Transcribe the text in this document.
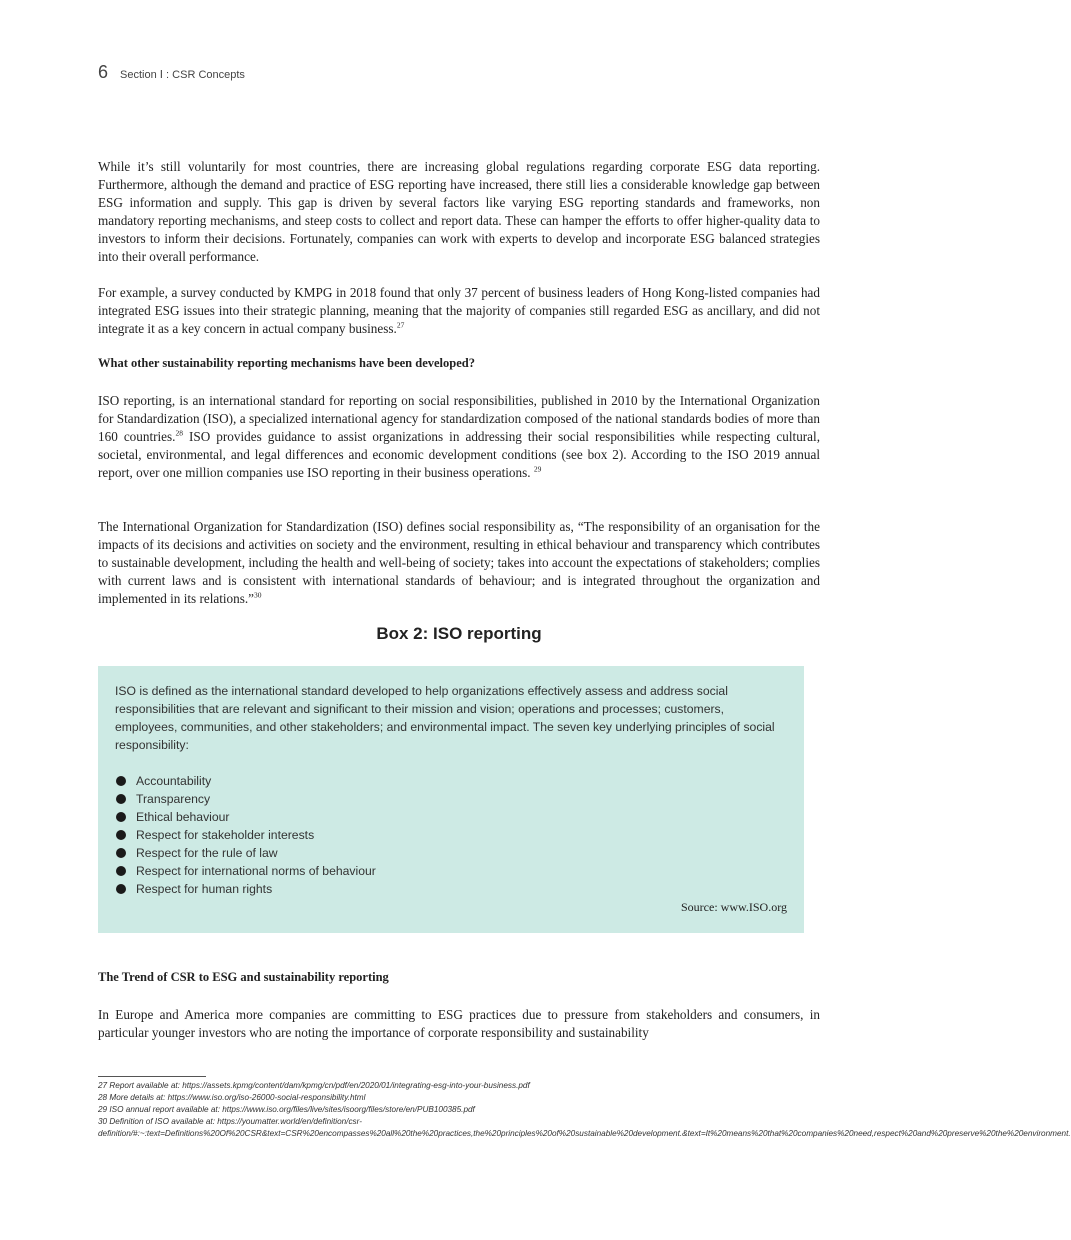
6 Section Ⅰ : CSR Concepts

While it’s still voluntarily for most countries, there are increasing global regulations regarding corporate ESG data reporting. Furthermore, although the demand and practice of ESG reporting have increased, there still lies a considerable knowledge gap between ESG information and supply. This gap is driven by several factors like varying ESG reporting standards and frameworks, non mandatory reporting mechanisms, and steep costs to collect and report data. These can hamper the efforts to offer higher-quality data to investors to inform their decisions. Fortunately, companies can work with experts to develop and incorporate ESG balanced strategies into their overall performance.

For example, a survey conducted by KMPG in 2018 found that only 37 percent of business leaders of Hong Kong-listed companies had integrated ESG issues into their strategic planning, meaning that the majority of companies still regarded ESG as ancillary, and did not integrate it as a key concern in actual company business.$^{27}$

What other sustainability reporting mechanisms have been developed?

ISO reporting, is an international standard for reporting on social responsibilities, published in 2010 by the International Organization for Standardization (ISO), a specialized international agency for standardization composed of the national standards bodies of more than 160 countries.$^{28}$ ISO provides guidance to assist organizations in addressing their social responsibilities while respecting cultural, societal, environmental, and legal differences and economic development conditions (see box 2). According to the ISO 2019 annual report, over one million companies use ISO reporting in their business operations. $^{29}$

The International Organization for Standardization (ISO) defines social responsibility as, “The responsibility of an organisation for the impacts of its decisions and activities on society and the environment, resulting in ethical behaviour and transparency which contributes to sustainable development, including the health and well-being of society; takes into account the expectations of stakeholders; complies with current laws and is consistent with international standards of behaviour; and is integrated throughout the organization and implemented in its relations.”$^{30}$

Box 2: ISO reporting

ISO is defined as the international standard developed to help organizations effectively assess and address social responsibilities that are relevant and significant to their mission and vision; operations and processes; customers, employees, communities, and other stakeholders; and environmental impact. The seven key underlying principles of social responsibility:

Accountability
Transparency
Ethical behaviour
Respect for stakeholder interests
Respect for the rule of law
Respect for international norms of behaviour
Respect for human rights
Source: www.ISO.org

The Trend of CSR to ESG and sustainability reporting

In Europe and America more companies are committing to ESG practices due to pressure from stakeholders and consumers, in particular younger investors who are noting the importance of corporate responsibility and sustainability

27 Report available at: https://assets.kpmg/content/dam/kpmg/cn/pdf/en/2020/01/integrating-esg-into-your-business.pdf

28 More details at: https://www.iso.org/iso-26000-social-responsibility.html

29 ISO annual report available at: https://www.iso.org/files/live/sites/isoorg/files/store/en/PUB100385.pdf

30 Definition of ISO available at: https://youmatter.world/en/definition/csr-definition/#:~:text=Definitions%20Of%20CSR&text=CSR%20encompasses%20all%20the%20practices,the%20principles%20of%20sustainable%20development.&text=It%20means%20that%20companies%20need,respect%20and%20preserve%20the%20environment.
